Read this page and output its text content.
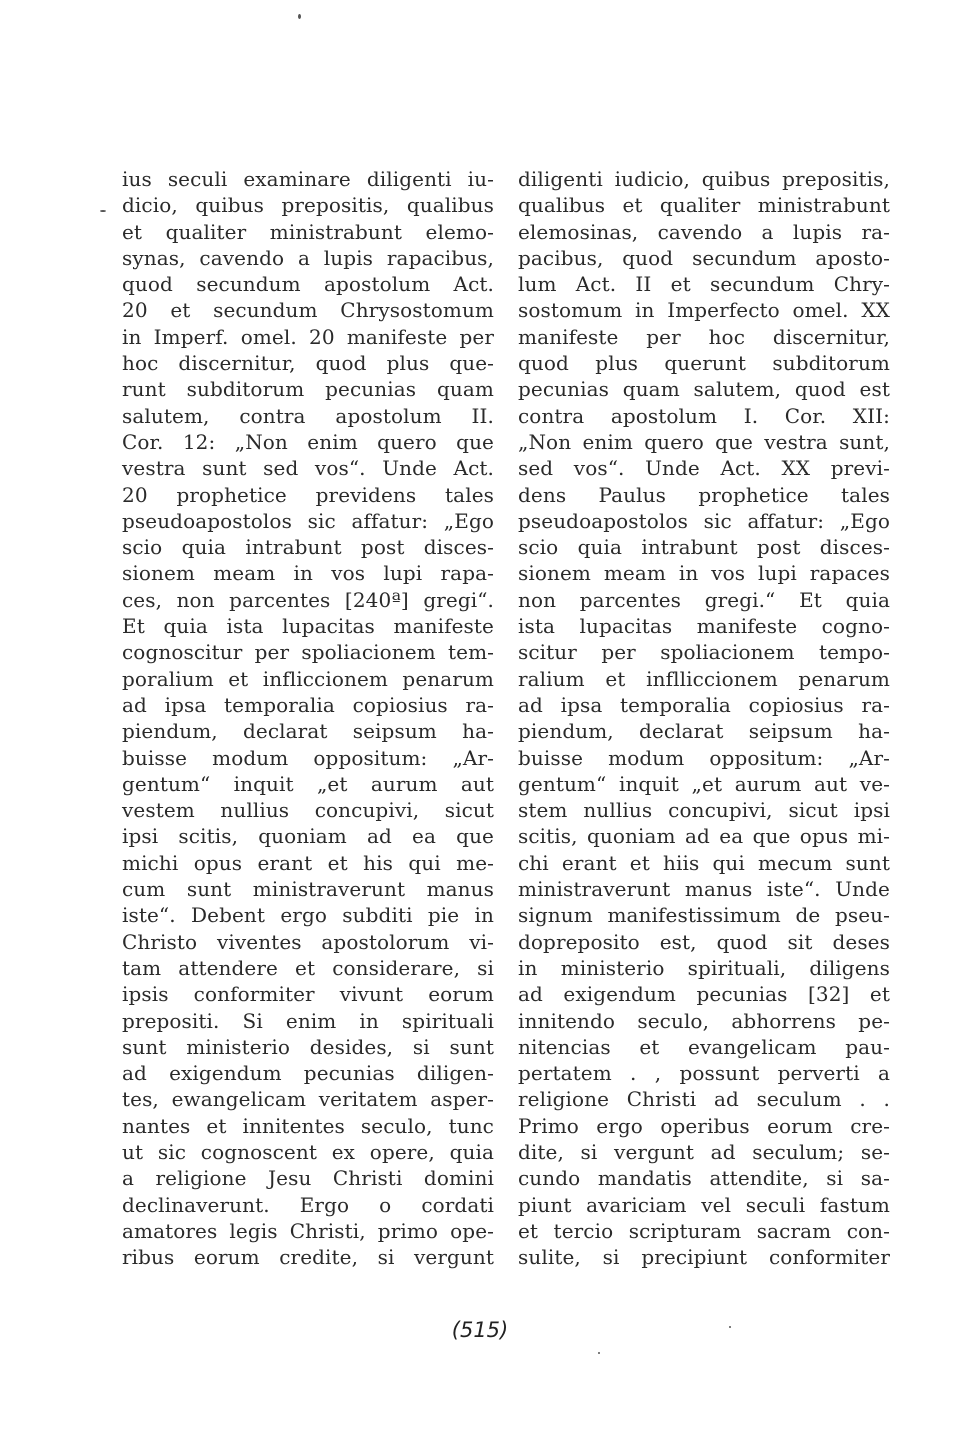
ius seculi examinare diligenti iu-
dicio, quibus prepositis, qualibus
et qualiter ministrabunt elemo-
synas, cavendo a lupis rapacibus,
quod secundum apostolum Act.
20 et secundum Chrysostomum
in Imperf. omel. 20 manifeste per
hoc discernitur, quod plus que-
runt subditorum pecunias quam
salutem, contra apostolum II.
Cor. 12: „Non enim quero que
vestra sunt sed vos“. Unde Act.
20 prophetice previdens tales
pseudoapostolos sic affatur: „Ego
scio quia intrabunt post disces-
sionem meam in vos lupi rapa-
ces, non parcentes [240ª] gregi“.
Et quia ista lupacitas manifeste
cognoscitur per spoliacionem tem-
poralium et infliccionem penarum
ad ipsa temporalia copiosius ra-
piendum, declarat seipsum ha-
buisse modum oppositum: „Ar-
gentum“ inquit „et aurum aut
vestem nullius concupivi, sicut
ipsi scitis, quoniam ad ea que
michi opus erant et his qui me-
cum sunt ministraverunt manus
iste“. Debent ergo subditi pie in
Christo viventes apostolorum vi-
tam attendere et considerare, si
ipsis conformiter vivunt eorum
prepositi. Si enim in spirituali
sunt ministerio desides, si sunt
ad exigendum pecunias diligen-
tes, ewangelicam veritatem asper-
nantes et innitentes seculo, tunc
ut sic cognoscent ex opere, quia
a religione Jesu Christi domini
declinaverunt. Ergo o cordati
amatores legis Christi, primo ope-
ribus eorum credite, si vergunt
diligenti iudicio, quibus prepositis,
qualibus et qualiter ministrabunt
elemosinas, cavendo a lupis ra-
pacibus, quod secundum aposto-
lum Act. II et secundum Chry-
sostomum in Imperfecto omel. XX
manifeste per hoc discernitur,
quod plus querunt subditorum
pecunias quam salutem, quod est
contra apostolum I. Cor. XII:
„Non enim quero que vestra sunt,
sed vos“. Unde Act. XX previ-
dens Paulus prophetice tales
pseudoapostolos sic affatur: „Ego
scio quia intrabunt post disces-
sionem meam in vos lupi rapaces
non parcentes gregi.“ Et quia
ista lupacitas manifeste cogno-
scitur per spoliacionem tempo-
ralium et inflliccionem penarum
ad ipsa temporalia copiosius ra-
piendum, declarat seipsum ha-
buisse modum oppositum: „Ar-
gentum“ inquit „et aurum aut ve-
stem nullius concupivi, sicut ipsi
scitis, quoniam ad ea que opus mi-
chi erant et hiis qui mecum sunt
ministraverunt manus iste“. Unde
signum manifestissimum de pseu-
dopreposito est, quod sit deses
in ministerio spirituali, diligens
ad exigendum pecunias [32] et
innitendo seculo, abhorrens pe-
nitencias et evangelicam pau-
pertatem . , possunt perverti a
religione Christi ad seculum . .
Primo ergo operibus eorum cre-
dite, si vergunt ad seculum; se-
cundo mandatis attendite, si sa-
piunt avariciam vel seculi fastum
et tercio scripturam sacram con-
sulite, si precipiunt conformiter
(515)
